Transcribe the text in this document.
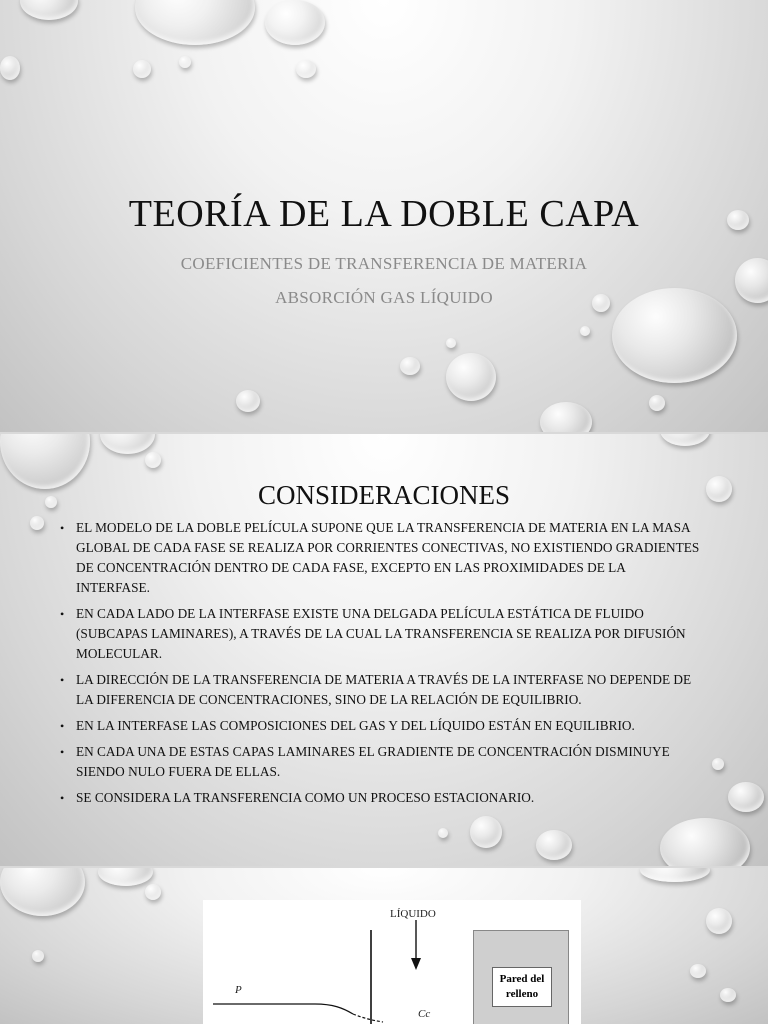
TEORÍA DE LA DOBLE CAPA
COEFICIENTES DE TRANSFERENCIA DE MATERIA
ABSORCIÓN GAS LÍQUIDO
CONSIDERACIONES
• EL MODELO DE LA DOBLE PELÍCULA SUPONE QUE LA TRANSFERENCIA DE MATERIA EN LA MASA GLOBAL DE CADA FASE SE REALIZA POR CORRIENTES CONECTIVAS, NO EXISTIENDO GRADIENTES DE CONCENTRACIÓN DENTRO DE CADA FASE, EXCEPTO EN LAS PROXIMIDADES DE LA INTERFASE.
• EN CADA LADO DE LA INTERFASE EXISTE UNA DELGADA PELÍCULA ESTÁTICA DE FLUIDO (SUBCAPAS LAMINARES), A TRAVÉS DE LA CUAL LA TRANSFERENCIA SE REALIZA POR DIFUSIÓN MOLECULAR.
• LA DIRECCIÓN DE LA TRANSFERENCIA DE MATERIA A TRAVÉS DE LA INTERFASE NO DEPENDE DE LA DIFERENCIA DE CONCENTRACIONES, SINO DE LA RELACIÓN DE EQUILIBRIO.
• EN LA INTERFASE LAS COMPOSICIONES DEL GAS Y DEL LÍQUIDO ESTÁN EN EQUILIBRIO.
• EN CADA UNA DE ESTAS CAPAS LAMINARES EL GRADIENTE DE CONCENTRACIÓN DISMINUYE SIENDO NULO FUERA DE ELLAS.
• SE CONSIDERA LA TRANSFERENCIA COMO UN PROCESO ESTACIONARIO.
LÍQUIDO
P
Pared del relleno
Cc
